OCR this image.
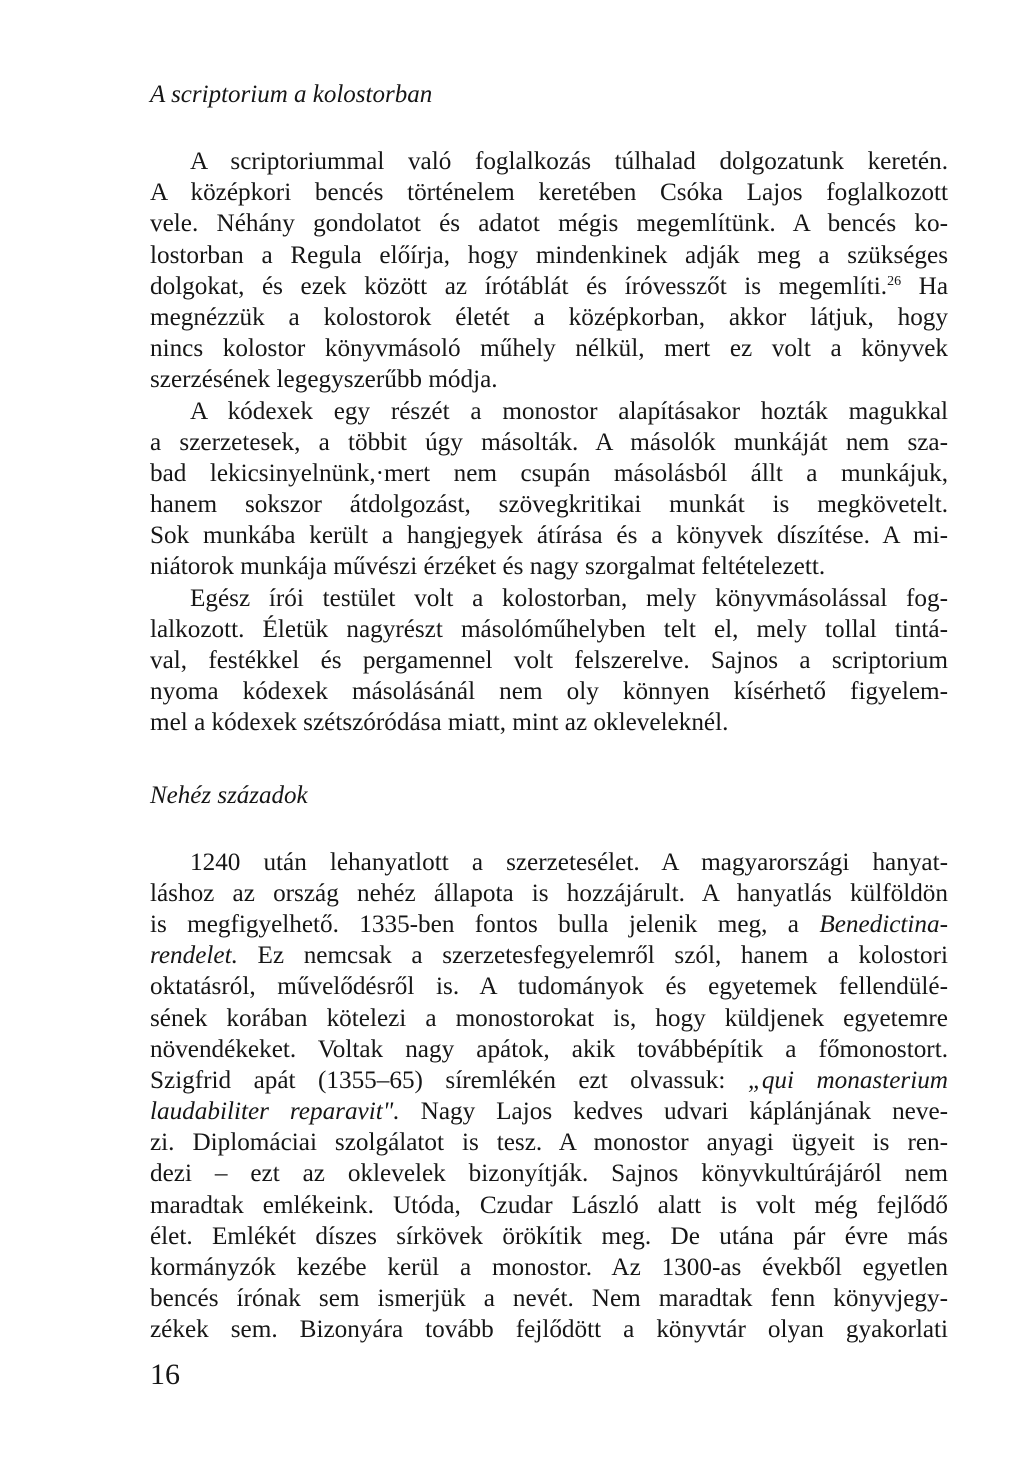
A scriptorium a kolostorban
A scriptoriummal való foglalkozás túlhalad dolgozatunk keretén.
A középkori bencés történelem keretében Csóka Lajos foglalkozott
vele. Néhány gondolatot és adatot mégis megemlítünk. A bencés ko-
lostorban a Regula előírja, hogy mindenkinek adják meg a szükséges
dolgokat, és ezek között az írótáblát és íróvesszőt is megemlíti.$^{26}$ Ha
megnézzük a kolostorok életét a középkorban, akkor látjuk, hogy
nincs kolostor könyvmásoló műhely nélkül, mert ez volt a könyvek
szerzésének legegyszerűbb módja.
A kódexek egy részét a monostor alapításakor hozták magukkal
a szerzetesek, a többit úgy másolták. A másolók munkáját nem sza-
bad lekicsinyelnünk,·mert nem csupán másolásból állt a munkájuk,
hanem sokszor átdolgozást, szövegkritikai munkát is megkövetelt.
Sok munkába került a hangjegyek átírása és a könyvek díszítése. A mi-
niátorok munkája művészi érzéket és nagy szorgalmat feltételezett.
Egész írói testület volt a kolostorban, mely könyvmásolással fog-
lalkozott. Életük nagyrészt másolóműhelyben telt el, mely tollal tintá-
val, festékkel és pergamennel volt felszerelve. Sajnos a scriptorium
nyoma kódexek másolásánál nem oly könnyen kísérhető figyelem-
mel a kódexek szétszóródása miatt, mint az okleveleknél.
Nehéz századok
1240 után lehanyatlott a szerzetesélet. A magyarországi hanyat-
láshoz az ország nehéz állapota is hozzájárult. A hanyatlás külföldön
is megfigyelhető. 1335-ben fontos bulla jelenik meg, a Benedictina-
rendelet. Ez nemcsak a szerzetesfegyelemről szól, hanem a kolostori
oktatásról, művelődésről is. A tudományok és egyetemek fellendülé-
sének korában kötelezi a monostorokat is, hogy küldjenek egyetemre
növendékeket. Voltak nagy apátok, akik továbbépítik a főmonostort.
Szigfrid apát (1355–65) síremlékén ezt olvassuk: „qui monasterium
laudabiliter reparavit". Nagy Lajos kedves udvari káplánjának neve-
zi. Diplomáciai szolgálatot is tesz. A monostor anyagi ügyeit is ren-
dezi – ezt az oklevelek bizonyítják. Sajnos könyvkultúrájáról nem
maradtak emlékeink. Utóda, Czudar László alatt is volt még fejlődő
élet. Emlékét díszes sírkövek örökítik meg. De utána pár évre más
kormányzók kezébe kerül a monostor. Az 1300-as évekből egyetlen
bencés írónak sem ismerjük a nevét. Nem maradtak fenn könyvjegy-
zékek sem. Bizonyára tovább fejlődött a könyvtár olyan gyakorlati
16
